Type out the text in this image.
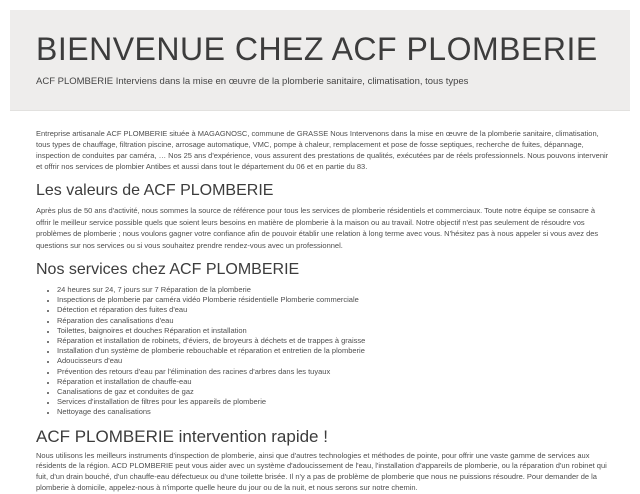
BIENVENUE CHEZ ACF PLOMBERIE

ACF PLOMBERIE Interviens dans la mise en œuvre de la plomberie sanitaire, climatisation, tous types

Entreprise artisanale ACF PLOMBERIE située à MAGAGNOSC, commune de GRASSE Nous Intervenons dans la mise en œuvre de la plomberie sanitaire, climatisation, tous types de chauffage, filtration piscine, arrosage automatique, VMC, pompe à chaleur, remplacement et pose de fosse septiques, recherche de fuites, dépannage, inspection de conduites par caméra, … Nos 25 ans d'expérience, vous assurent des prestations de qualités, exécutées par de réels professionnels. Nous pouvons intervenir et offrir nos services de plombier Antibes et aussi dans tout le département du 06 et en partie du 83.

Les valeurs de ACF PLOMBERIE

Après plus de 50 ans d'activité, nous sommes la source de référence pour tous les services de plomberie résidentiels et commerciaux. Toute notre équipe se consacre à offrir le meilleur service possible quels que soient leurs besoins en matière de plomberie à la maison ou au travail. Notre objectif n'est pas seulement de résoudre vos problèmes de plomberie ; nous voulons gagner votre confiance afin de pouvoir établir une relation à long terme avec vous. N'hésitez pas à nous appeler si vous avez des questions sur nos services ou si vous souhaitez prendre rendez-vous avec un professionnel.

Nos services chez ACF PLOMBERIE
• 24 heures sur 24, 7 jours sur 7 Réparation de la plomberie
• Inspections de plomberie par caméra vidéo Plomberie résidentielle Plomberie commerciale
• Détection et réparation des fuites d'eau
• Réparation des canalisations d'eau
• Toilettes, baignoires et douches Réparation et installation
• Réparation et installation de robinets, d'éviers, de broyeurs à déchets et de trappes à graisse
• Installation d'un système de plomberie rebouchable et réparation et entretien de la plomberie
• Adoucisseurs d'eau
• Prévention des retours d'eau par l'élimination des racines d'arbres dans les tuyaux
• Réparation et installation de chauffe-eau
• Canalisations de gaz et conduites de gaz
• Services d'installation de filtres pour les appareils de plomberie
• Nettoyage des canalisations
ACF PLOMBERIE intervention rapide !

Nous utilisons les meilleurs instruments d'inspection de plomberie, ainsi que d'autres technologies et méthodes de pointe, pour offrir une vaste gamme de services aux résidents de la région. ACD PLOMBERIE peut vous aider avec un système d'adoucissement de l'eau, l'installation d'appareils de plomberie, ou la réparation d'un robinet qui fuit, d'un drain bouché, d'un chauffe-eau défectueux ou d'une toilette brisée. Il n'y a pas de problème de plomberie que nous ne puissions résoudre. Pour demander de la plomberie à domicile, appelez-nous à n'importe quelle heure du jour ou de la nuit, et nous serons sur notre chemin.
